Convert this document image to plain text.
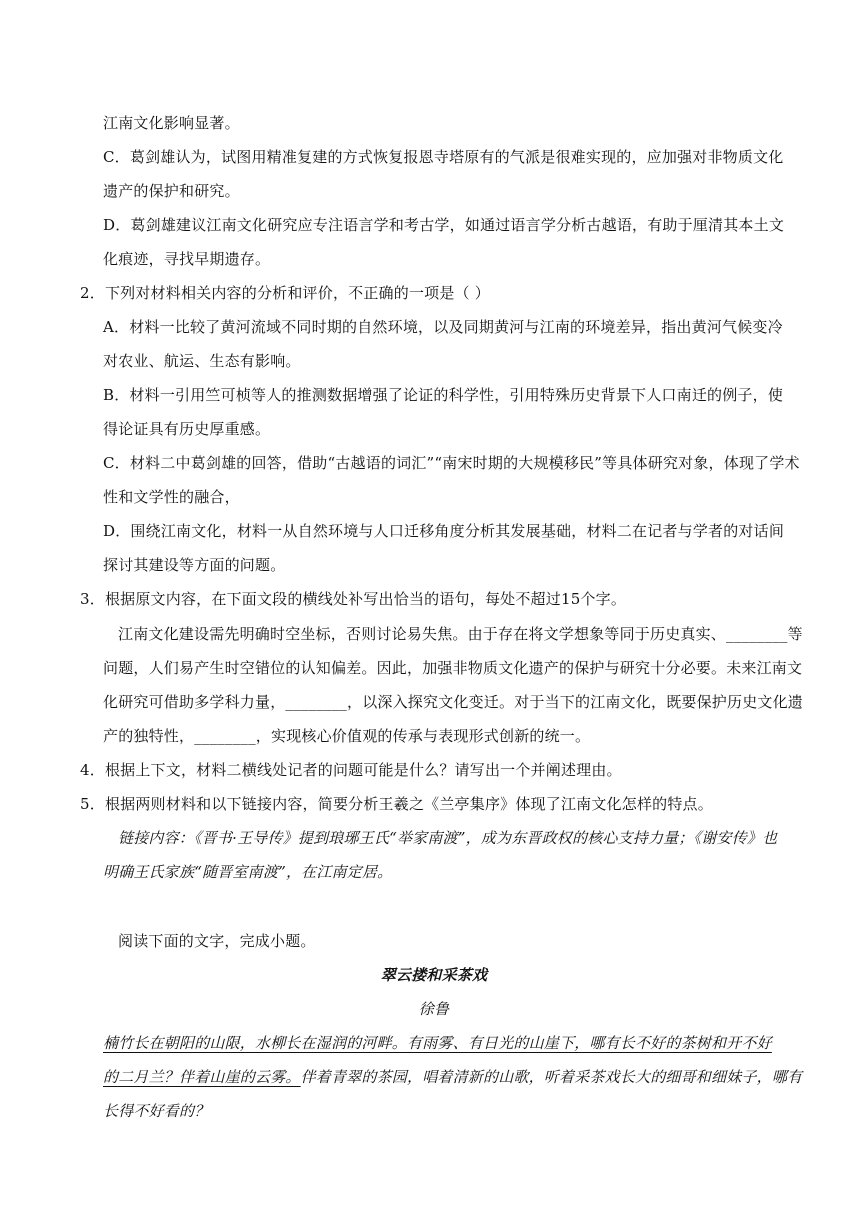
江南文化影响显著。
C．葛剑雄认为，试图用精准复建的方式恢复报恩寺塔原有的气派是很难实现的，应加强对非物质文化
遗产的保护和研究。
D．葛剑雄建议江南文化研究应专注语言学和考古学，如通过语言学分析古越语，有助于厘清其本土文
化痕迹，寻找早期遗存。
2．下列对材料相关内容的分析和评价，不正确的一项是（ ）
A．材料一比较了黄河流域不同时期的自然环境，以及同期黄河与江南的环境差异，指出黄河气候变冷
对农业、航运、生态有影响。
B．材料一引用竺可桢等人的推测数据增强了论证的科学性，引用特殊历史背景下人口南迁的例子，使
得论证具有历史厚重感。
C．材料二中葛剑雄的回答，借助“古越语的词汇”“南宋时期的大规模移民”等具体研究对象，体现了学术
性和文学性的融合，
D．围绕江南文化，材料一从自然环境与人口迁移角度分析其发展基础，材料二在记者与学者的对话间
探讨其建设等方面的问题。
3．根据原文内容，在下面文段的横线处补写出恰当的语句，每处不超过15个字。
江南文化建设需先明确时空坐标，否则讨论易失焦。由于存在将文学想象等同于历史真实、________等
问题，人们易产生时空错位的认知偏差。因此，加强非物质文化遗产的保护与研究十分必要。未来江南文
化研究可借助多学科力量，________，以深入探究文化变迁。对于当下的江南文化，既要保护历史文化遗
产的独特性，________，实现核心价值观的传承与表现形式创新的统一。
4．根据上下文，材料二横线处记者的问题可能是什么？请写出一个并阐述理由。
5．根据两则材料和以下链接内容，简要分析王羲之《兰亭集序》体现了江南文化怎样的特点。
链接内容：《晋书·王导传》提到琅琊王氏“举家南渡”，成为东晋政权的核心支持力量；《谢安传》也
明确王氏家族“随晋室南渡”，在江南定居。
阅读下面的文字，完成小题。
翠云搂和采茶戏
徐鲁
楠竹长在朝阳的山限，水柳长在湿润的河畔。有雨雾、有日光的山崖下，哪有长不好的茶树和开不好
的二月兰？伴着山崖的云雾。伴着青翠的茶园，唱着清新的山歌，听着采茶戏长大的细哥和细妹子，哪有
长得不好看的？
